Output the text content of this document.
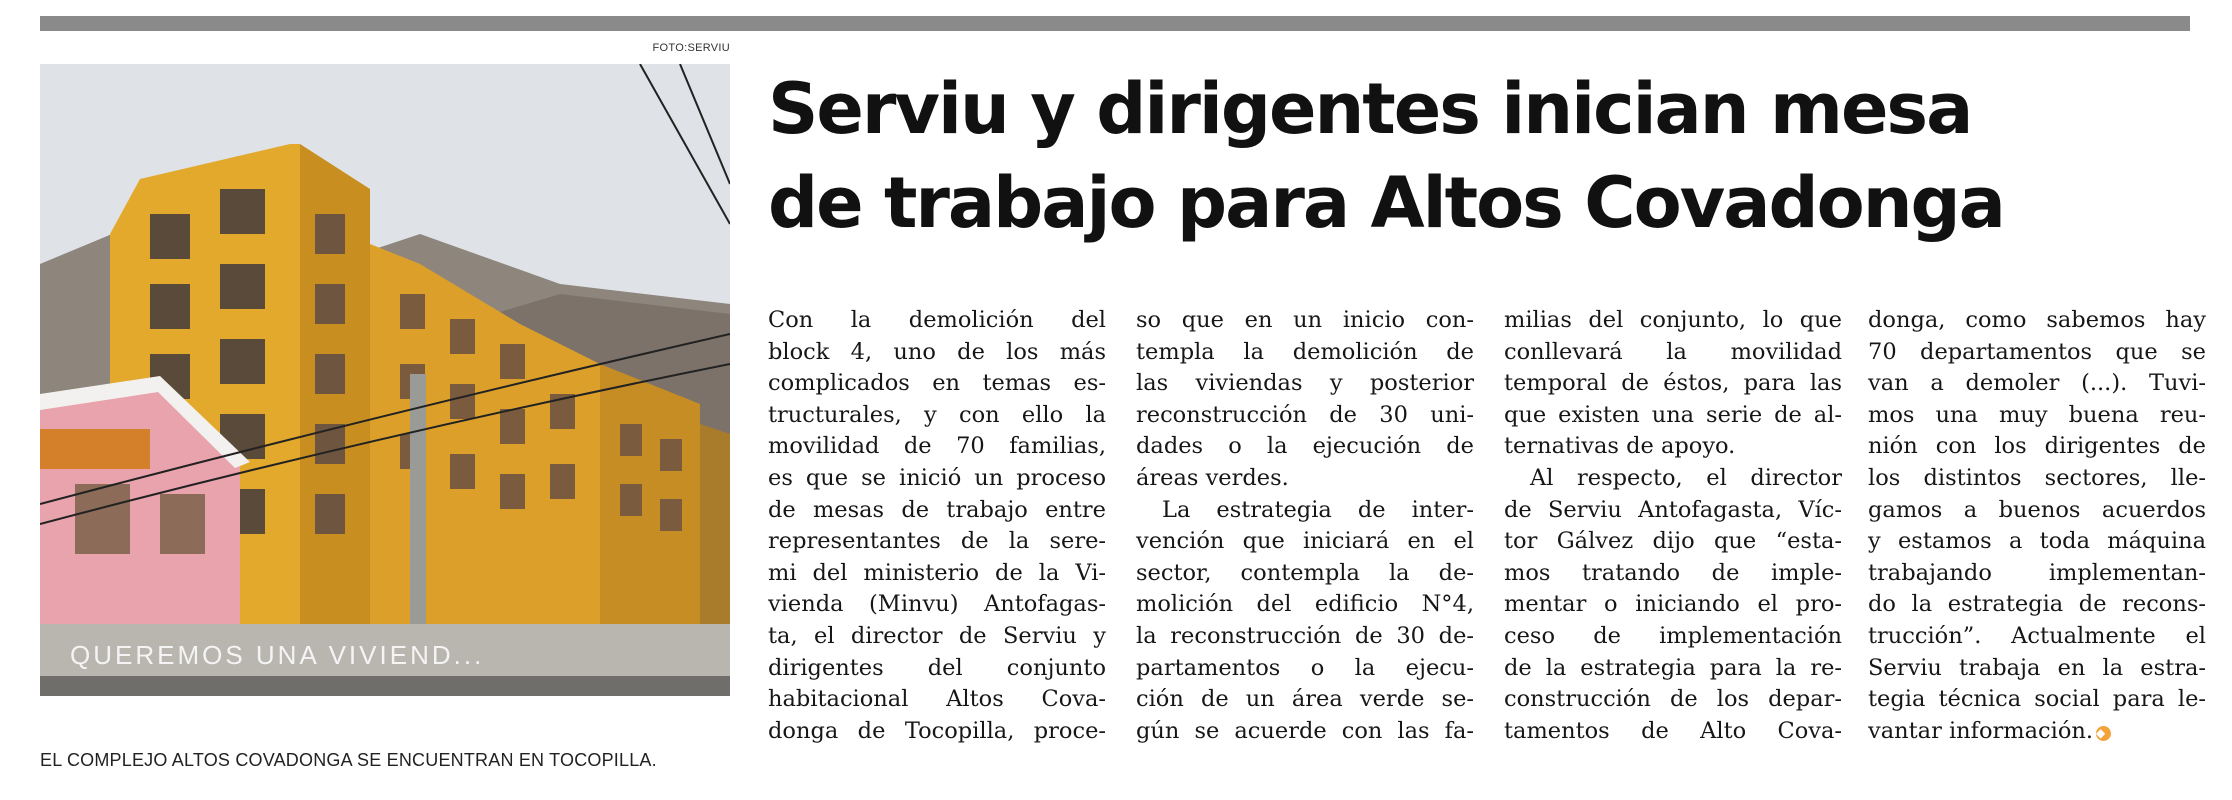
FOTO:SERVIU
QUEREMOS UNA VIVIEND...
EL COMPLEJO ALTOS COVADONGA SE ENCUENTRAN EN TOCOPILLA.
Serviu y dirigentes inician mesa
de trabajo para Altos Covadonga
Con la demolición del
block 4, uno de los más
complicados en temas es-
tructurales, y con ello la
movilidad de 70 familias,
es que se inició un proceso
de mesas de trabajo entre
representantes de la sere-
mi del ministerio de la Vi-
vienda (Minvu) Antofagas-
ta, el director de Serviu y
dirigentes del conjunto
habitacional Altos Cova-
donga de Tocopilla, proce-
so que en un inicio con-
templa la demolición de
las viviendas y posterior
reconstrucción de 30 uni-
dades o la ejecución de
áreas verdes.
La estrategia de inter-
vención que iniciará en el
sector, contempla la de-
molición del edificio N°4,
la reconstrucción de 30 de-
partamentos o la ejecu-
ción de un área verde se-
gún se acuerde con las fa-
milias del conjunto, lo que
conllevará la movilidad
temporal de éstos, para las
que existen una serie de al-
ternativas de apoyo.
Al respecto, el director
de Serviu Antofagasta, Víc-
tor Gálvez dijo que “esta-
mos tratando de imple-
mentar o iniciando el pro-
ceso de implementación
de la estrategia para la re-
construcción de los depar-
tamentos de Alto Cova-
donga, como sabemos hay
70 departamentos que se
van a demoler (...). Tuvi-
mos una muy buena reu-
nión con los dirigentes de
los distintos sectores, lle-
gamos a buenos acuerdos
y estamos a toda máquina
trabajando implementan-
do la estrategia de recons-
trucción”. Actualmente el
Serviu trabaja en la estra-
tegia técnica social para le-
vantar información. ◆
